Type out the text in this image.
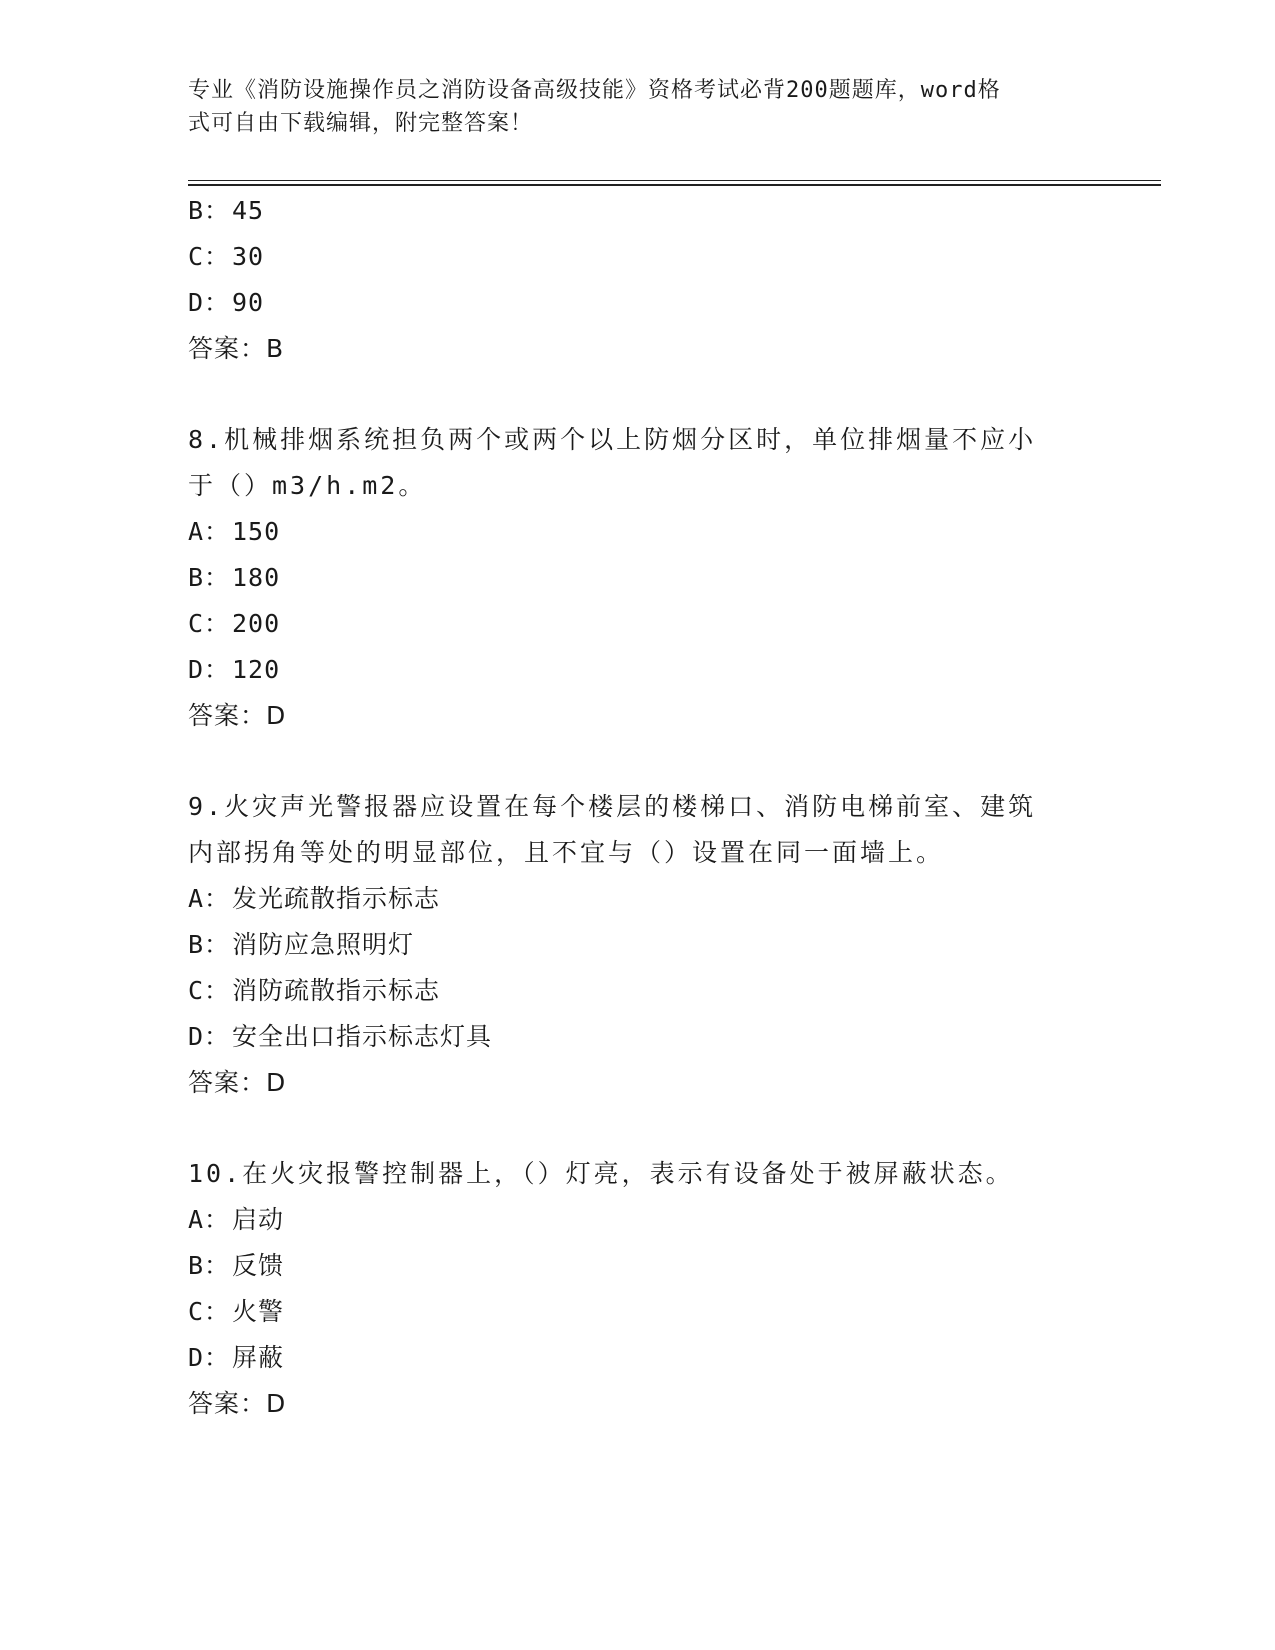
专业《消防设施操作员之消防设备高级技能》资格考试必背200题题库，word格
式可自由下载编辑，附完整答案！
B：45
C：30
D：90
答案：B
8.机械排烟系统担负两个或两个以上防烟分区时，单位排烟量不应小
于（）m3/h.m2。
A：150
B：180
C：200
D：120
答案：D
9.火灾声光警报器应设置在每个楼层的楼梯口、消防电梯前室、建筑
内部拐角等处的明显部位，且不宜与（）设置在同一面墙上。
A：发光疏散指示标志
B：消防应急照明灯
C：消防疏散指示标志
D：安全出口指示标志灯具
答案：D
10.在火灾报警控制器上，（）灯亮，表示有设备处于被屏蔽状态。
A：启动
B：反馈
C：火警
D：屏蔽
答案：D
